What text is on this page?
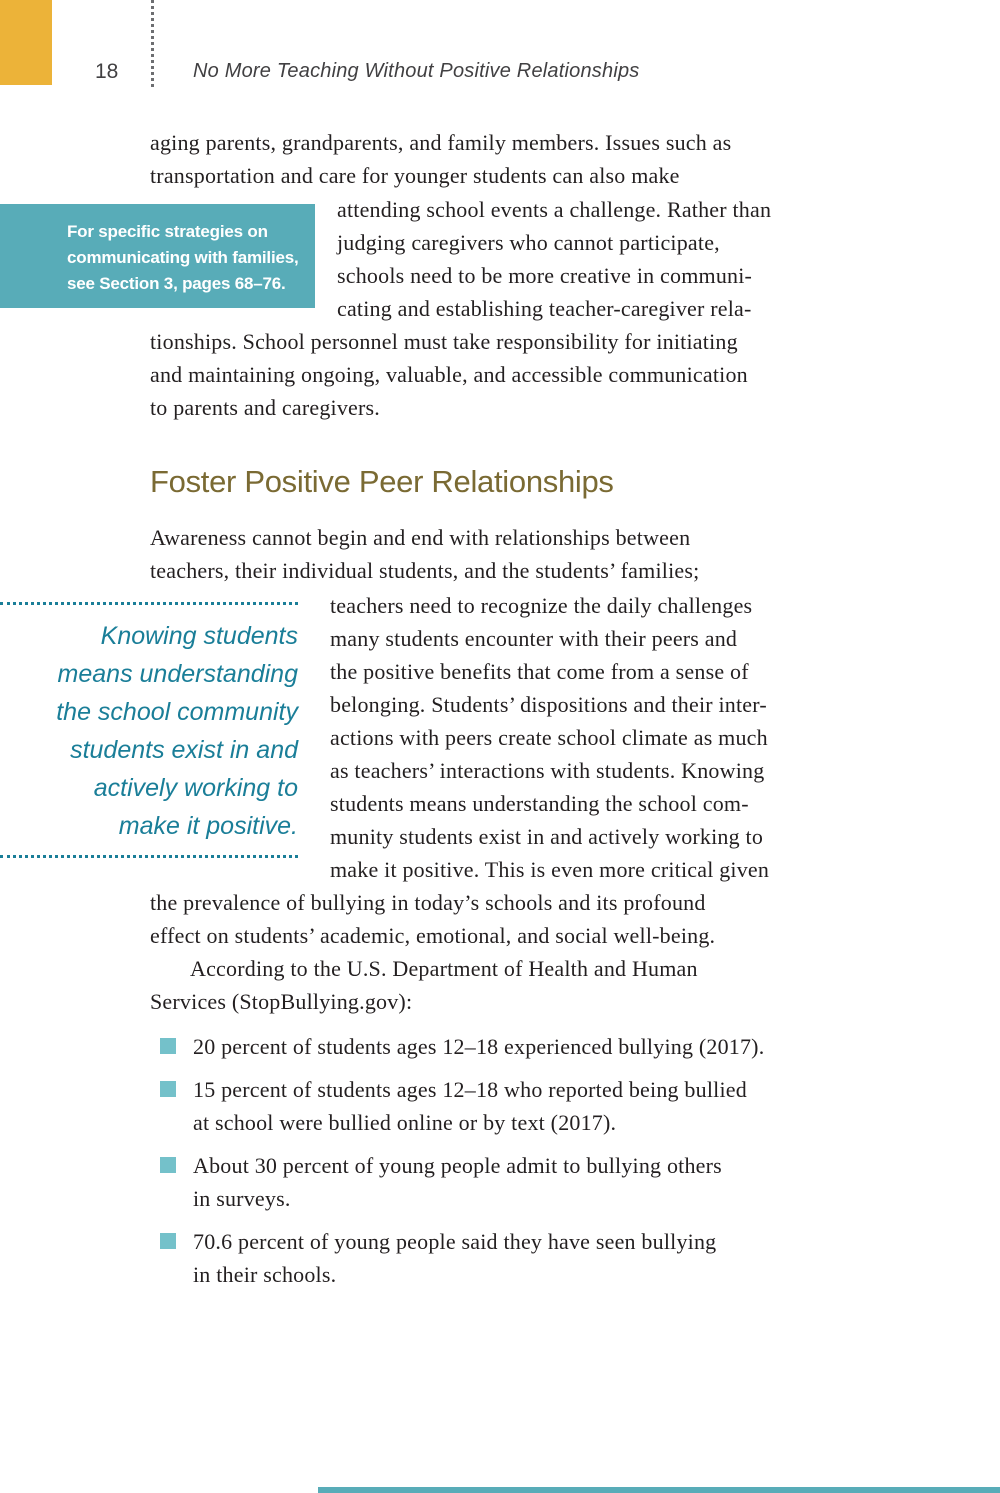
18	No More Teaching Without Positive Relationships
aging parents, grandparents, and family members. Issues such as
transportation and care for younger students can also make
For specific strategies on
communicating with families,
see Section 3, pages 68–76.
attending school events a challenge. Rather than
judging caregivers who cannot participate,
schools need to be more creative in communi-
cating and establishing teacher-caregiver rela-
tionships. School personnel must take responsibility for initiating
and maintaining ongoing, valuable, and accessible communication
to parents and caregivers.
Foster Positive Peer Relationships
Awareness cannot begin and end with relationships between
teachers, their individual students, and the students’ families;
Knowing students
means understanding
the school community
students exist in and
actively working to
make it positive.
teachers need to recognize the daily challenges
many students encounter with their peers and
the positive benefits that come from a sense of
belonging. Students’ dispositions and their inter-
actions with peers create school climate as much
as teachers’ interactions with students. Knowing
students means understanding the school com-
munity students exist in and actively working to
make it positive. This is even more critical given
the prevalence of bullying in today’s schools and its profound
effect on students’ academic, emotional, and social well-being.
According to the U.S. Department of Health and Human
Services (StopBullying.gov):
20 percent of students ages 12–18 experienced bullying (2017).
15 percent of students ages 12–18 who reported being bullied
at school were bullied online or by text (2017).
About 30 percent of young people admit to bullying others
in surveys.
70.6 percent of young people said they have seen bullying
in their schools.
